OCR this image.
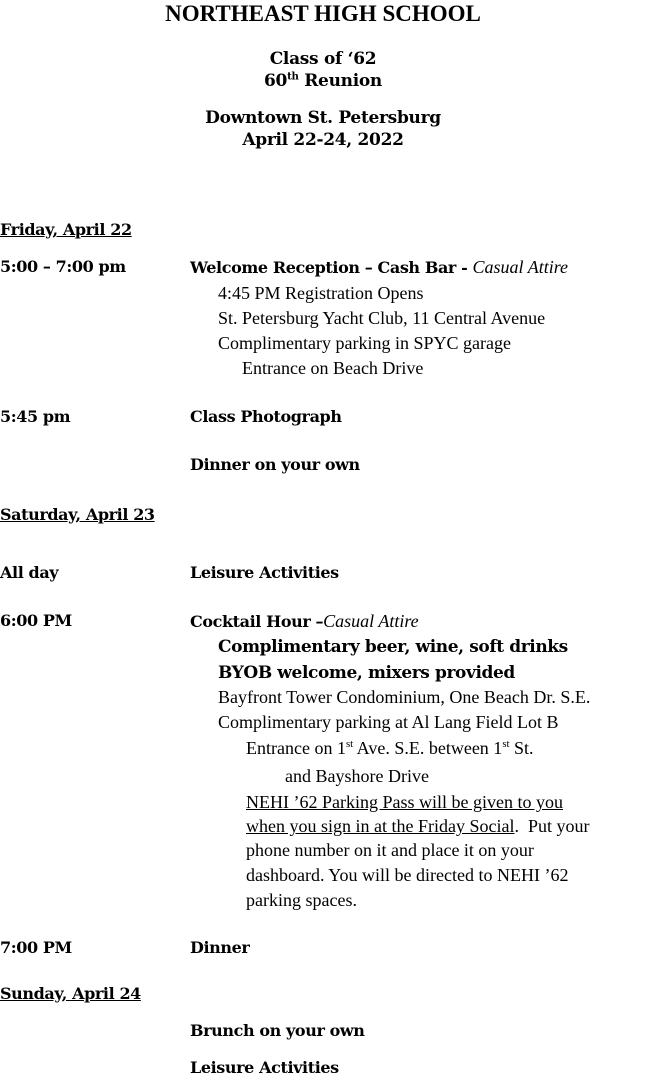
NORTHEAST HIGH SCHOOL
Class of ‘62
60th Reunion
Downtown St. Petersburg
April 22-24, 2022
Friday, April 22
5:00 – 7:00 pm	Welcome Reception – Cash Bar - Casual Attire
4:45 PM Registration Opens
St. Petersburg Yacht Club, 11 Central Avenue
Complimentary parking in SPYC garage
Entrance on Beach Drive
5:45 pm	Class Photograph
Dinner on your own
Saturday, April 23
All day	Leisure Activities
6:00 PM	Cocktail Hour –Casual Attire
Complimentary beer, wine, soft drinks
BYOB welcome, mixers provided
Bayfront Tower Condominium, One Beach Dr. S.E.
Complimentary parking at Al Lang Field Lot B
Entrance on 1st Ave. S.E. between 1st St.
and Bayshore Drive
NEHI ’62 Parking Pass will be given to you
when you sign in at the Friday Social.  Put your
phone number on it and place it on your
dashboard. You will be directed to NEHI ’62
parking spaces.
7:00 PM	Dinner
Sunday, April 24
Brunch on your own
Leisure Activities
